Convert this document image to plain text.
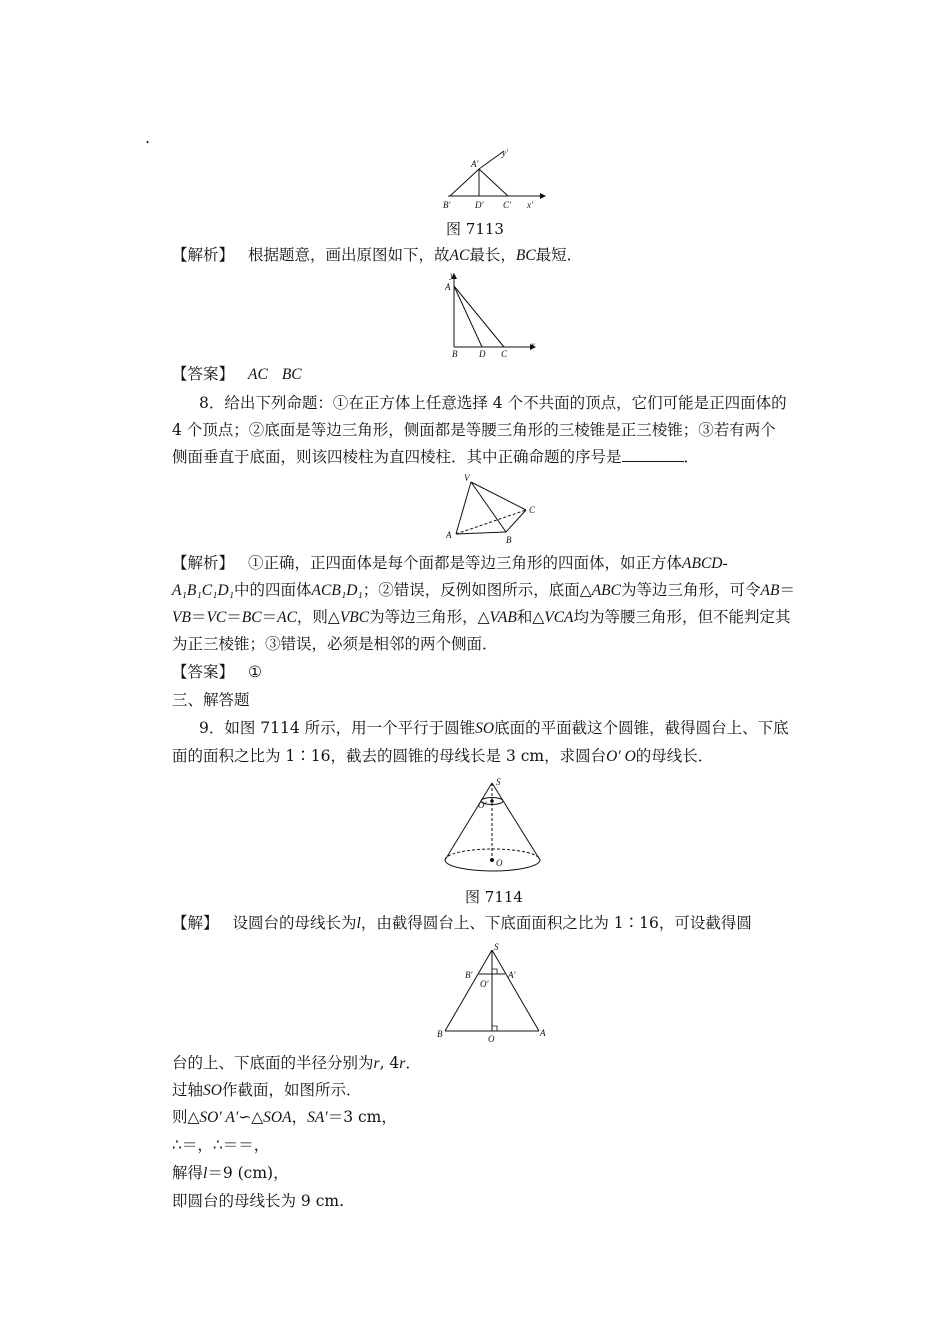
.
A′
y′
B′	D′ C′ x′
图 7113
【解析】 根据题意，画出原图如下，故AC最长，BC最短．
y
A
B D C
x
【答案】 AC BC
8．给出下列命题：①在正方体上任意选择 4 个不共面的顶点，它们可能是正四面体的
4 个顶点；②底面是等边三角形，侧面都是等腰三角形的三棱锥是正三棱锥；③若有两个
侧面垂直于底面，则该四棱柱为直四棱柱．其中正确命题的序号是	．
V
C
A	B
【解析】 ①正确，正四面体是每个面都是等边三角形的四面体，如正方体ABCD-
A₁B₁C₁D₁中的四面体ACB₁D₁；②错误，反例如图所示，底面△ABC为等边三角形，可令AB＝
VB＝VC＝BC＝AC，则△VBC为等边三角形，△VAB和△VCA均为等腰三角形，但不能判定其
为正三棱锥；③错误，必须是相邻的两个侧面．
【答案】 ①
三、解答题
9．如图 7114 所示，用一个平行于圆锥SO底面的平面截这个圆锥，截得圆台上、下底
面的面积之比为 1∶16，截去的圆锥的母线长是 3 cm，求圆台O′ O的母线长．
S
O′
O
图 7114
【解】 设圆台的母线长为l，由截得圆台上、下底面面积之比为 1∶16，可设截得圆
S
B′	A′
O′
B	O
A
台的上、下底面的半径分别为r, 4r．
过轴SO作截面，如图所示．
则△SO′ A′∽△SOA，SA′＝3 cm，
∴＝，∴＝＝，
解得l＝9 (cm)，
即圆台的母线长为 9 cm.
